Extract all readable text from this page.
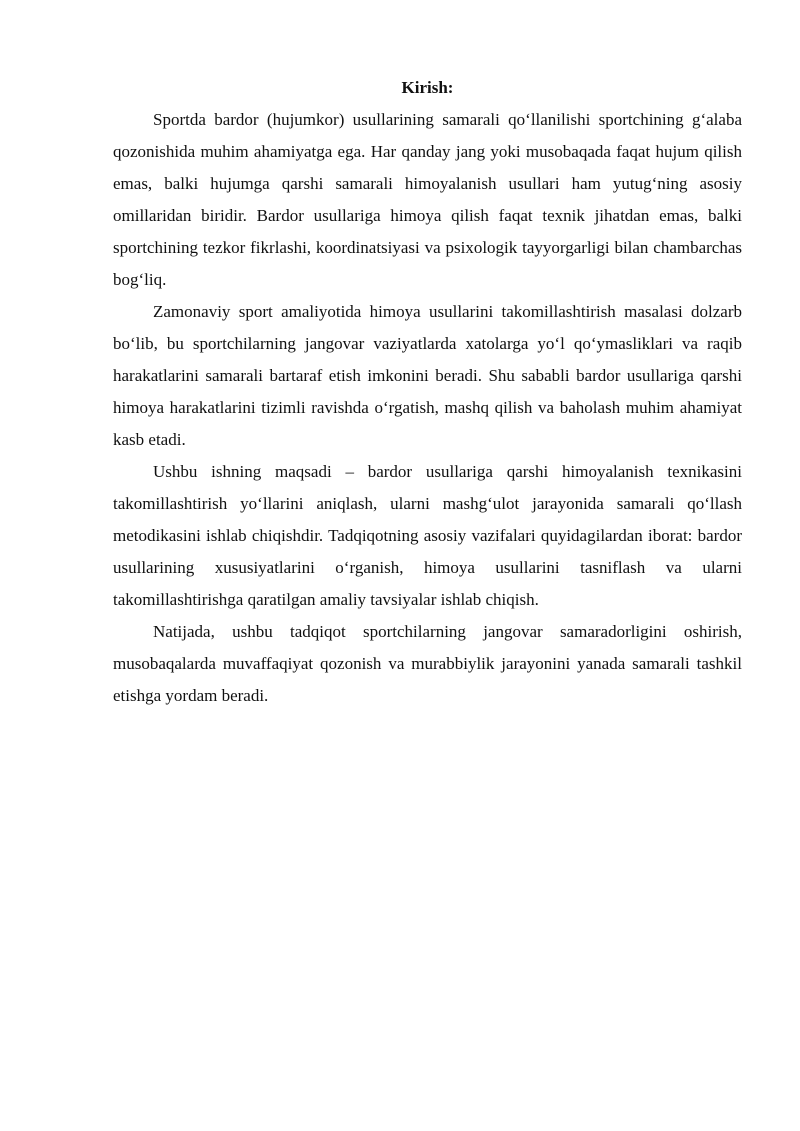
Kirish:

Sportda bardor (hujumkor) usullarining samarali qo‘llanilishi sportchining g‘alaba qozonishida muhim ahamiyatga ega. Har qanday jang yoki musobaqada faqat hujum qilish emas, balki hujumga qarshi samarali himoyalanish usullari ham yutug‘ning asosiy omillaridan biridir. Bardor usullariga himoya qilish faqat texnik jihatdan emas, balki sportchining tezkor fikrlashi, koordinatsiyasi va psixologik tayyorgarligi bilan chambarchas bog‘liq.

Zamonaviy sport amaliyotida himoya usullarini takomillashtirish masalasi dolzarb bo‘lib, bu sportchilarning jangovar vaziyatlarda xatolarga yo‘l qo‘ymasliklari va raqib harakatlarini samarali bartaraf etish imkonini beradi. Shu sababli bardor usullariga qarshi himoya harakatlarini tizimli ravishda o‘rgatish, mashq qilish va baholash muhim ahamiyat kasb etadi.

Ushbu ishning maqsadi – bardor usullariga qarshi himoyalanish texnikasini takomillashtirish yo‘llarini aniqlash, ularni mashg‘ulot jarayonida samarali qo‘llash metodikasini ishlab chiqishdir. Tadqiqotning asosiy vazifalari quyidagilardan iborat: bardor usullarining xususiyatlarini o‘rganish, himoya usullarini tasniflash va ularni takomillashtirishga qaratilgan amaliy tavsiyalar ishlab chiqish.

Natijada, ushbu tadqiqot sportchilarning jangovar samaradorligini oshirish, musobaqalarda muvaffaqiyat qozonish va murabbiylik jarayonini yanada samarali tashkil etishga yordam beradi.
